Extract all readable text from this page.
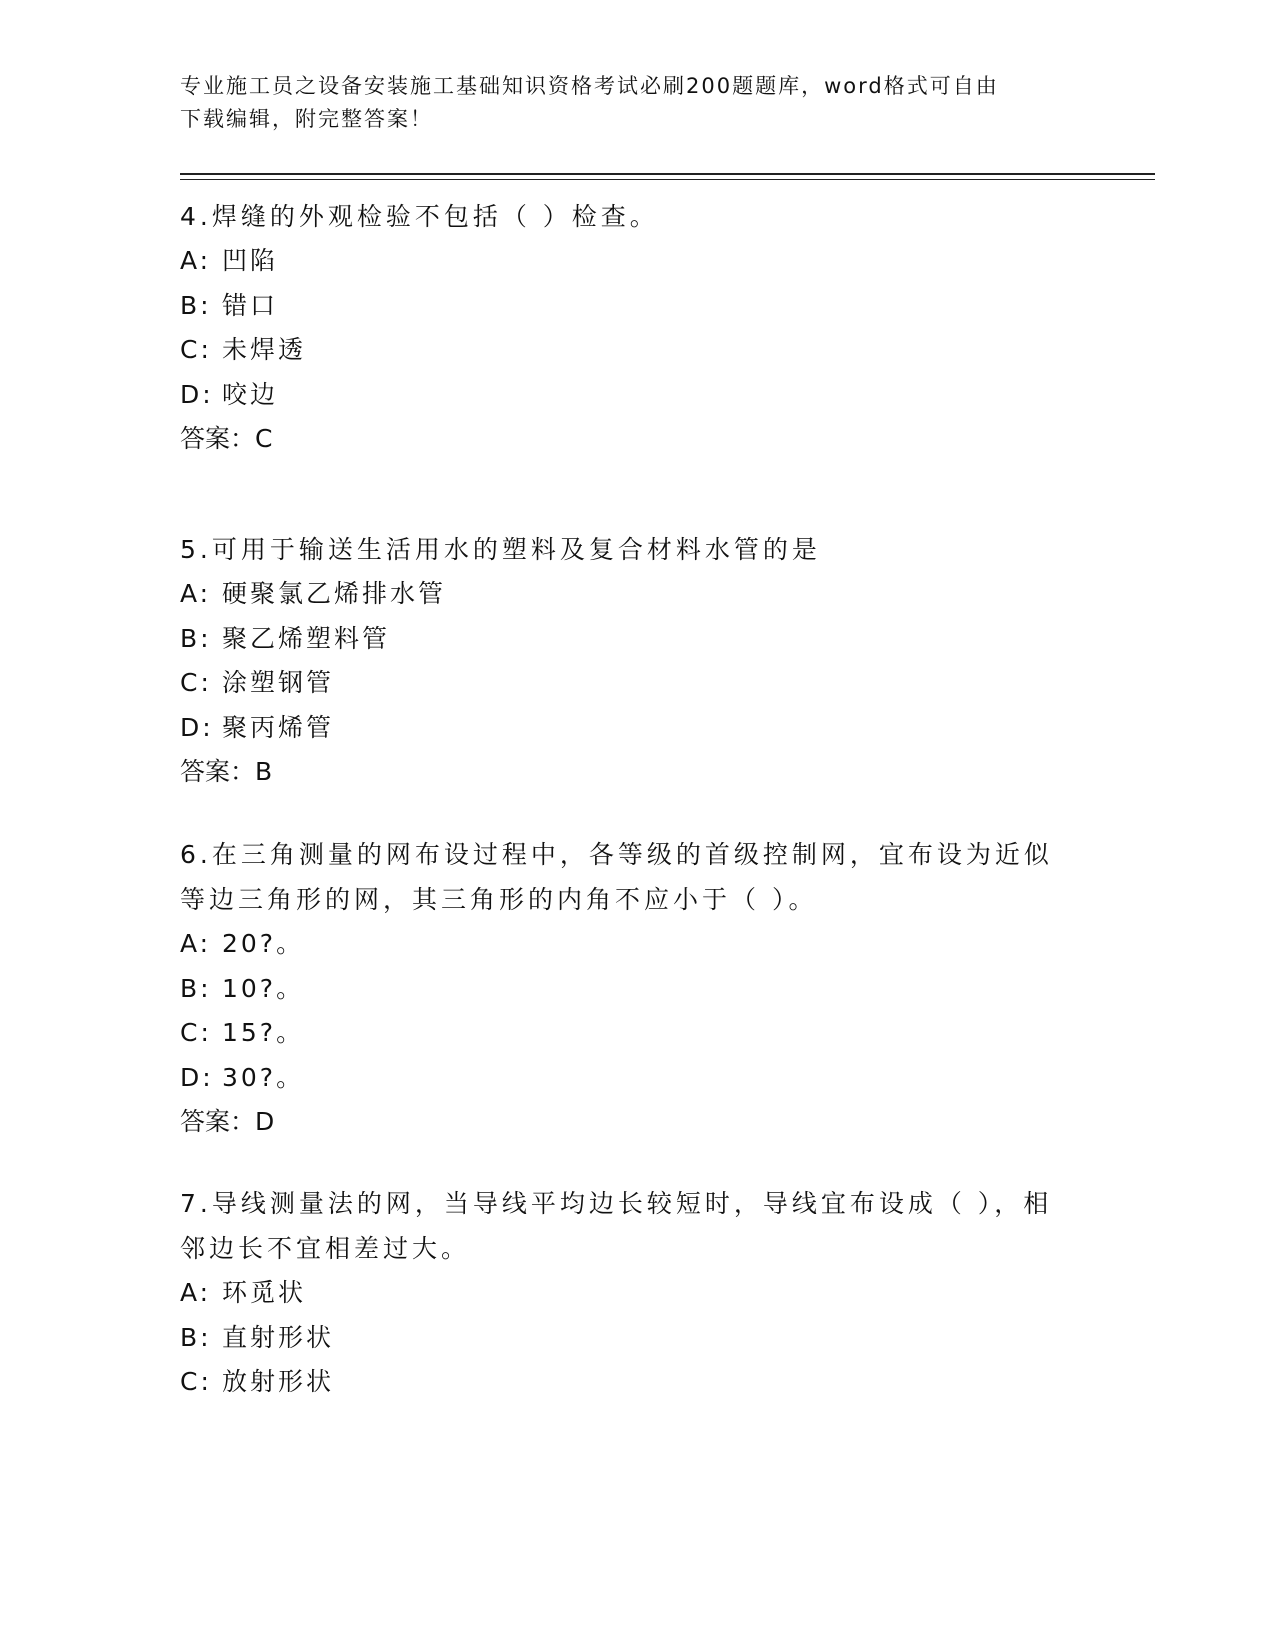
专业施工员之设备安装施工基础知识资格考试必刷200题题库，word格式可自由
下载编辑，附完整答案！

4.焊缝的外观检验不包括（ ）检查。

A: 凹陷

B: 错口

C: 未焊透

D: 咬边

答案：C

5.可用于输送生活用水的塑料及复合材料水管的是

A: 硬聚氯乙烯排水管

B: 聚乙烯塑料管

C: 涂塑钢管

D: 聚丙烯管

答案：B

6.在三角测量的网布设过程中，各等级的首级控制网，宜布设为近似

等边三角形的网，其三角形的内角不应小于（ ）。

A: 20?。

B: 10?。

C: 15?。

D: 30?。

答案：D

7.导线测量法的网，当导线平均边长较短时，导线宜布设成（ ），相

邻边长不宜相差过大。

A: 环觅状

B: 直射形状

C: 放射形状
